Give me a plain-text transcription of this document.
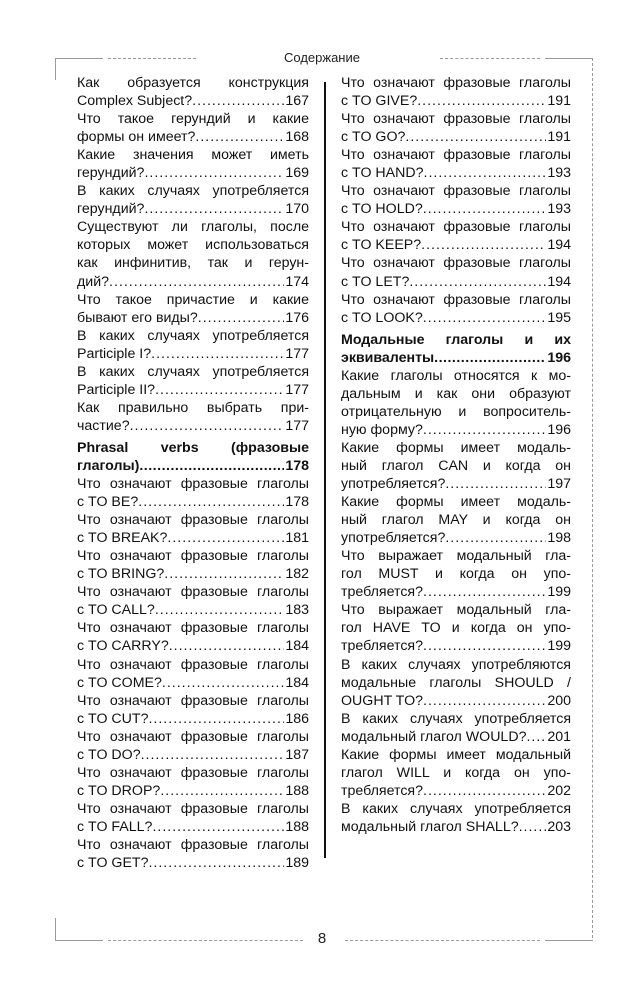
Содержание
Как образуется конструкция
Complex Subject? .....	167
Что такое герундий и какие
формы он имеет? .....	168
Какие значения может иметь
герундий? .....	169
В каких случаях употребляется
герундий? .....	170
Существуют ли глаголы, после
которых может использоваться
как инфинитив, так и герун-
дий? .....	174
Что такое причастие и какие
бывают его виды? .....	176
В каких случаях употребляется
Participle I? .....	177
В каких случаях употребляется
Participle II? .....	177
Как правильно выбрать при-
частие? .....	177
Phrasal verbs (фразовые
глаголы) .....	178
Что означают фразовые глаголы
с TO BE? .....	178
Что означают фразовые глаголы
с TO BREAK? .....	181
Что означают фразовые глаголы
с TO BRING? .....	182
Что означают фразовые глаголы
с TO CALL? .....	183
Что означают фразовые глаголы
с TO CARRY? .....	184
Что означают фразовые глаголы
с TO COME? .....	184
Что означают фразовые глаголы
с TO CUT? .....	186
Что означают фразовые глаголы
с TO DO? .....	187
Что означают фразовые глаголы
с TO DROP? .....	188
Что означают фразовые глаголы
с TO FALL? .....	188
Что означают фразовые глаголы
с TO GET? .....	189
Что означают фразовые глаголы
с TO GIVE? .....	191
Что означают фразовые глаголы
с TO GO? .....	191
Что означают фразовые глаголы
с TO HAND? .....	193
Что означают фразовые глаголы
с TO HOLD? .....	193
Что означают фразовые глаголы
с TO KEEP? .....	194
Что означают фразовые глаголы
с TO LET? .....	194
Что означают фразовые глаголы
с TO LOOK? .....	195
Модальные глаголы и их
эквиваленты .....	196
Какие глаголы относятся к мо-
дальным и как они образуют
отрицательную и вопроситель-
ную форму? .....	196
Какие формы имеет модаль-
ный глагол CAN и когда он
употребляется? .....	197
Какие формы имеет модаль-
ный глагол MAY и когда он
употребляется? .....	198
Что выражает модальный гла-
гол MUST и когда он упо-
требляется? .....	199
Что выражает модальный гла-
гол HAVE TO и когда он упо-
требляется? .....	199
В каких случаях употребляются
модальные глаголы SHOULD /
OUGHT TO? .....	200
В каких случаях употребляется
модальный глагол WOULD? ..... 201
Какие формы имеет модальный
глагол WILL и когда он упо-
требляется? .....	202
В каких случаях употребляется
модальный глагол SHALL? ..... 203
8
